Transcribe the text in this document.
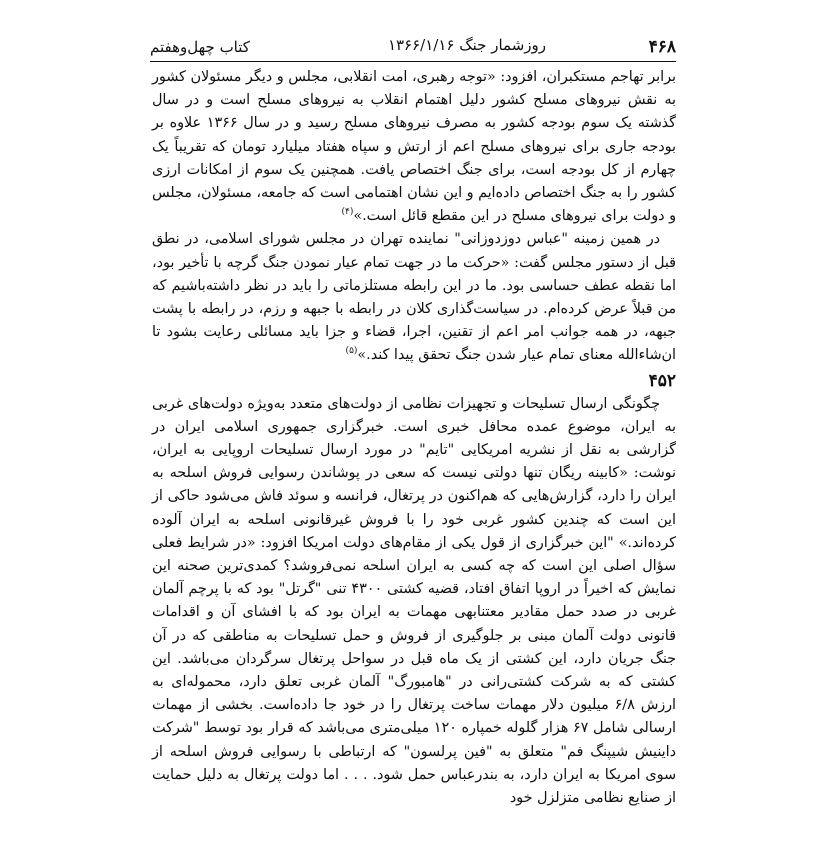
۴۶۸
روزشمار جنگ ۱۳۶۶/۱/۱۶
کتاب چهل‌وهفتم

برابر تهاجم مستکبران، افزود: «توجه رهبری، امت انقلابی، مجلس و دیگر مسئولان کشور به نقش نیروهای مسلح کشور دلیل اهتمام انقلاب به نیروهای مسلح است و در سال گذشته یک سوم بودجه کشور به مصرف نیروهای مسلح رسید و در سال ۱۳۶۶ علاوه بر بودجه جاری برای نیروهای مسلح اعم از ارتش و سپاه هفتاد میلیارد تومان که تقریباً یک چهارم از کل بودجه است، برای جنگ اختصاص یافت. همچنین یک سوم از امکانات ارزی کشور را به جنگ اختصاص داده‌ایم و این نشان اهتمامی است که جامعه، مسئولان، مجلس و دولت برای نیروهای مسلح در این مقطع قائل است.»$^{(۴)}$

در همین زمینه "عباس دوزدوزانی" نماینده تهران در مجلس شورای اسلامی، در نطق قبل از دستور مجلس گفت: «حرکت ما در جهت تمام عیار نمودن جنگ گرچه با تأخیر بود، اما نقطه عطف حساسی بود. ما در این رابطه مستلزماتی را باید در نظر داشته‌باشیم که من قبلاً عرض کرده‌ام. در سیاست‌گذاری کلان در رابطه با جبهه و رزم، در رابطه با پشت جبهه، در همه جوانب امر اعم از تقنین، اجرا، قضاء و جزا باید مسائلی رعایت بشود تا ان‌شاءالله معنای تمام عیار شدن جنگ تحقق پیدا کند.»$^{(۵)}$

۴۵۲

چگونگی ارسال تسلیحات و تجهیزات نظامی از دولت‌های متعدد به‌ویژه دولت‌های غربی به ایران، موضوع عمده محافل خبری است. خبرگزاری جمهوری اسلامی ایران در گزارشی به نقل از نشریه امریکایی "تایم" در مورد ارسال تسلیحات اروپایی به ایران، نوشت: «کابینه ریگان تنها دولتی نیست که سعی در پوشاندن رسوایی فروش اسلحه به ایران را دارد، گزارش‌هایی که هم‌اکنون در پرتغال، فرانسه و سوئد فاش می‌شود حاکی از این است که چندین کشور غربی خود را با فروش غیرقانونی اسلحه به ایران آلوده کرده‌اند.» "این خبرگزاری از قول یکی از مقام‌های دولت امریکا افزود: «در شرایط فعلی سؤال اصلی این است که چه کسی به ایران اسلحه نمی‌فروشد؟ کمدی‌ترین صحنه این نمایش که اخیراً در اروپا اتفاق افتاد، قضیه کشتی ۴۳۰۰ تنی "گرتل" بود که با پرچم آلمان غربی در صدد حمل مقادیر معتنابهی مهمات به ایران بود که با افشای آن و اقدامات قانونی دولت آلمان مبنی بر جلوگیری از فروش و حمل تسلیحات به مناطقی که در آن جنگ جریان دارد، این کشتی از یک ماه قبل در سواحل پرتغال سرگردان می‌باشد. این کشتی که به شرکت کشتی‌رانی در "هامبورگ" آلمان غربی تعلق دارد، محموله‌ای به ارزش ۶/۸ میلیون دلار مهمات ساخت پرتغال را در خود جا داده‌است. بخشی از مهمات ارسالی شامل ۶۷ هزار گلوله خمپاره ۱۲۰ میلی‌متری می‌باشد که قرار بود توسط "شرکت داینیش شیپنگ فم" متعلق به "فین پرلسون" که ارتباطی با رسوایی فروش اسلحه از سوی امریکا به ایران دارد، به بندرعباس حمل شود. . . . اما دولت پرتغال به دلیل حمایت از صنایع نظامی متزلزل خود
